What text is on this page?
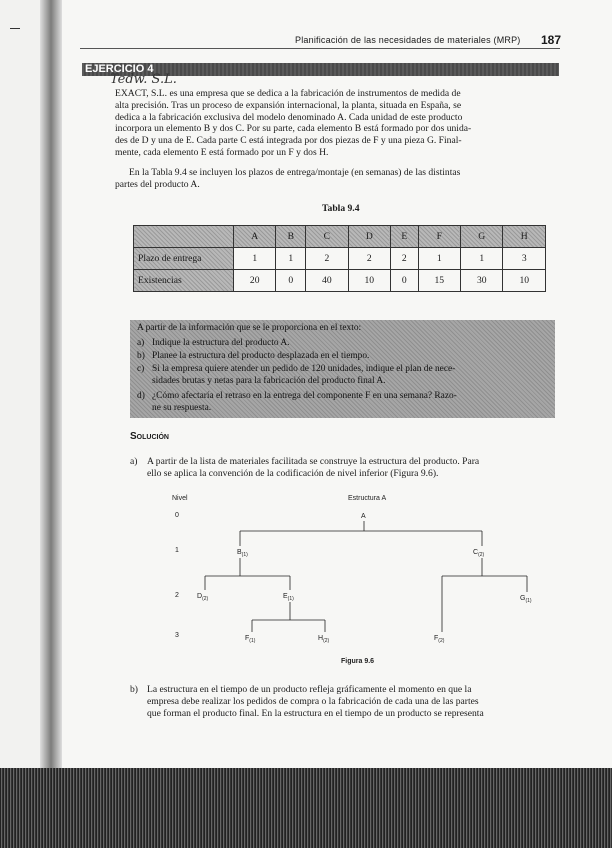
Planificación de las necesidades de materiales (MRP) 187
EJERCICIO 4
Tedw. S.L.
EXACT, S.L. es una empresa que se dedica a la fabricación de instrumentos de medida de
alta precisión. Tras un proceso de expansión internacional, la planta, situada en España, se
dedica a la fabricación exclusiva del modelo denominado A. Cada unidad de este producto
incorpora un elemento B y dos C. Por su parte, cada elemento B está formado por dos unida-
des de D y una de E. Cada parte C está integrada por dos piezas de F y una pieza G. Final-
mente, cada elemento E está formado por un F y dos H.
En la Tabla 9.4 se incluyen los plazos de entrega/montaje (en semanas) de las distintas
partes del producto A.
Tabla 9.4
	A	B	C	D	E	F	G	H
Plazo de entrega	1	1	2	2	2	1	1	3
Existencias	20	0	40	10	0	15	30	10
A partir de la información que se le proporciona en el texto:
a) Indique la estructura del producto A.
b) Planee la estructura del producto desplazada en el tiempo.
c) Si la empresa quiere atender un pedido de 120 unidades, indique el plan de nece-
sidades brutas y netas para la fabricación del producto final A.
d) ¿Cómo afectaría el retraso en la entrega del componente F en una semana? Razo-
ne su respuesta.
Solución
a) A partir de la lista de materiales facilitada se construye la estructura del producto. Para
ello se aplica la convención de la codificación de nivel inferior (Figura 9.6).
Nivel	Estructura A
0
1
2
3
A
$B_{(1)}$	$C_{(2)}$
$D_{(2)}$	$E_{(1)}$	$G_{(1)}$
$F_{(1)}$	$H_{(2)}$	$F_{(2)}$
Figura 9.6
b) La estructura en el tiempo de un producto refleja gráficamente el momento en que la
empresa debe realizar los pedidos de compra o la fabricación de cada una de las partes
que forman el producto final. En la estructura en el tiempo de un producto se representa
